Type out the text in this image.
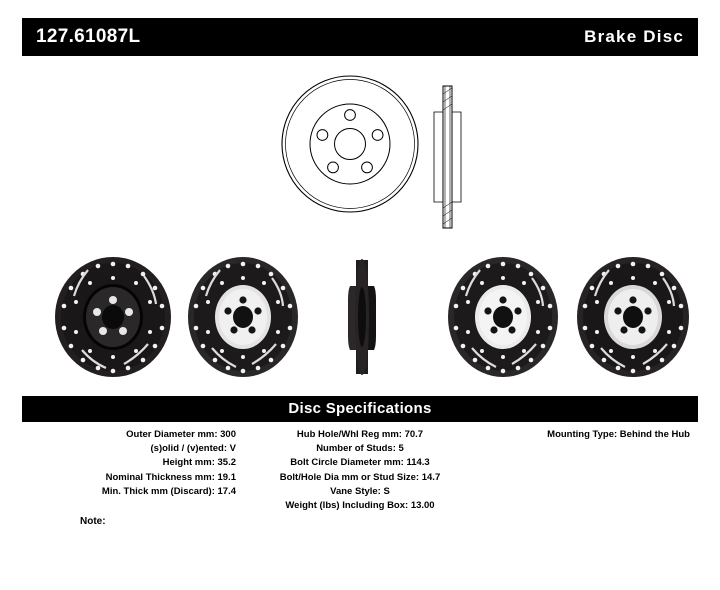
127.61087L	Brake Disc
Disc Specifications
Outer Diameter mm: 300
(s)olid / (v)ented: V
Height mm: 35.2
Nominal Thickness mm: 19.1
Min. Thick mm (Discard): 17.4
Hub Hole/Whl Reg mm: 70.7
Number of Studs: 5
Bolt Circle Diameter mm: 114.3
Bolt/Hole Dia mm or Stud Size: 14.7
Vane Style: S
Weight (lbs) Including Box: 13.00
Mounting Type: Behind the Hub
Note:
